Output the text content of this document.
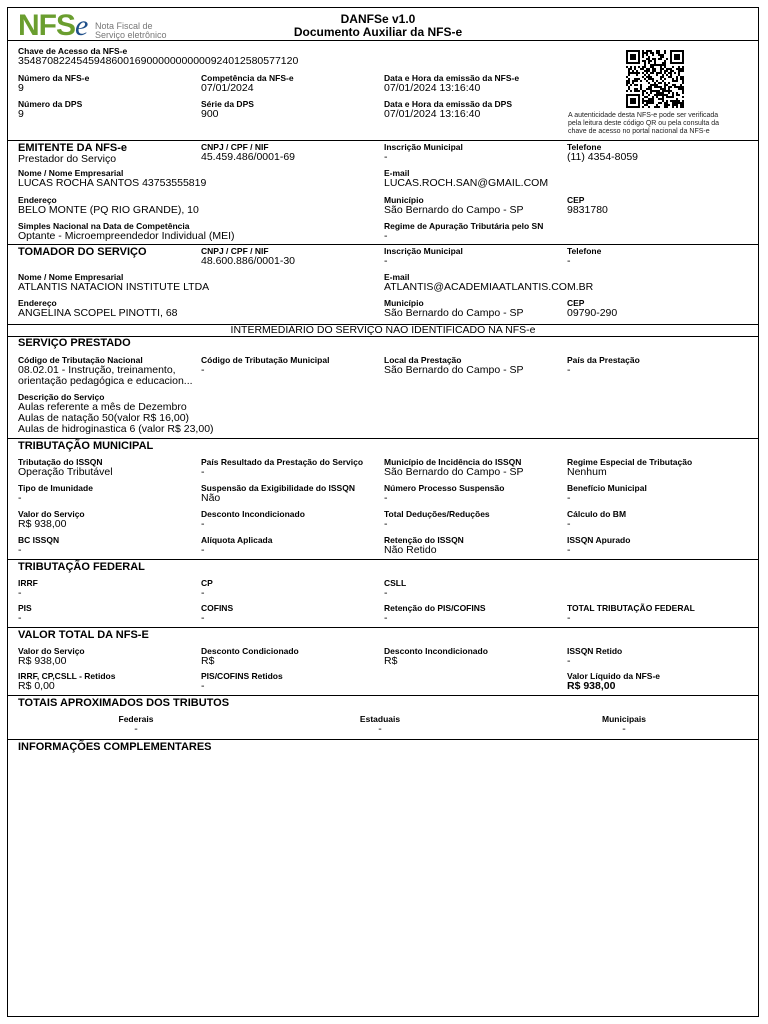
NFSe Nota Fiscal de
Serviço eletrônico
DANFSe v1.0
Documento Auxiliar da NFS-e
Chave de Acesso da NFS-e
35487082245459486001690000000000092401258057712​0
Número da NFS-e
9
Competência da NFS-e
07/01/2024
Data e Hora da emissão da NFS-e
07/01/2024 13:16:40
Número da DPS
9
Série da DPS
900
Data e Hora da emissão da DPS
07/01/2024 13:16:40	A autenticidade desta NFS-e pode ser verificada
pela leitura deste código QR ou pela consulta da
chave de acesso no portal nacional da NFS-e
EMITENTE DA NFS-e
Prestador do Serviço
CNPJ / CPF / NIF
45.459.486/0001-69
Inscrição Municipal
-
Telefone
(11) 4354-8059
Nome / Nome Empresarial
LUCAS ROCHA SANTOS 43753555819
E-mail
LUCAS.ROCH.SAN@GMAIL.COM
Endereço
BELO MONTE (PQ RIO GRANDE), 10
Município
São Bernardo do Campo - SP
CEP
9831780
Simples Nacional na Data de Competência
Optante - Microempreendedor Individual (MEI)
Regime de Apuração Tributária pelo SN
-
TOMADOR DO SERVIÇO	CNPJ / CPF / NIF
48.600.886/0001-30
Inscrição Municipal
-
Telefone
-
Nome / Nome Empresarial
ATLANTIS NATACION INSTITUTE LTDA
E-mail
ATLANTIS@ACADEMIAATLANTIS.COM.BR
Endereço
ANGELINA SCOPEL PINOTTI, 68
Município
São Bernardo do Campo - SP
CEP
09790-290
INTERMEDIÁRIO DO SERVIÇO NÃO IDENTIFICADO NA NFS-e
SERVIÇO PRESTADO
Código de Tributação Nacional
08.02.01 - Instrução, treinamento,
orientação pedagógica e educacion...
Código de Tributação Municipal
-
Local da Prestação
São Bernardo do Campo - SP
País da Prestação
-
Descrição do Serviço
Aulas referente a mês de Dezembro
Aulas de natação 50(valor R$ 16,00)
Aulas de hidroginastica 6 (valor R$ 23,00)
TRIBUTAÇÃO MUNICIPAL
TRIBUTAÇÃO FEDERAL
VALOR TOTAL DA NFS-E
TOTAIS APROXIMADOS DOS TRIBUTOS
INFORMAÇÕES COMPLEMENTARES
Tributação do ISSQN
Operação Tributável
País Resultado da Prestação do Serviço
-
Município de Incidência do ISSQN
São Bernardo do Campo - SP
Regime Especial de Tributação
Nenhum
Tipo de Imunidade
-
Suspensão da Exigibilidade do ISSQN
Não
Número Processo Suspensão
-
Benefício Municipal
-
Valor do Serviço
R$ 938,00
Desconto Incondicionado
-
Total Deduções/Reduções
-
Cálculo do BM
-
BC ISSQN
-
Alíquota Aplicada
-
Retenção do ISSQN
Não Retido
ISSQN Apurado
-
IRRF
-
CP
-
CSLL
-
PIS
-
COFINS
-
Retenção do PIS/COFINS
-
TOTAL TRIBUTAÇÃO FEDERAL
-
Valor do Serviço
R$ 938,00
Desconto Condicionado
R$
Desconto Incondicionado
R$
ISSQN Retido
-
IRRF, CP,CSLL - Retidos
R$ 0,00
PIS/COFINS Retidos
-
Valor Líquido da NFS-e
R$ 938,00
Federais
-
Estaduais
-
Municipais
-
